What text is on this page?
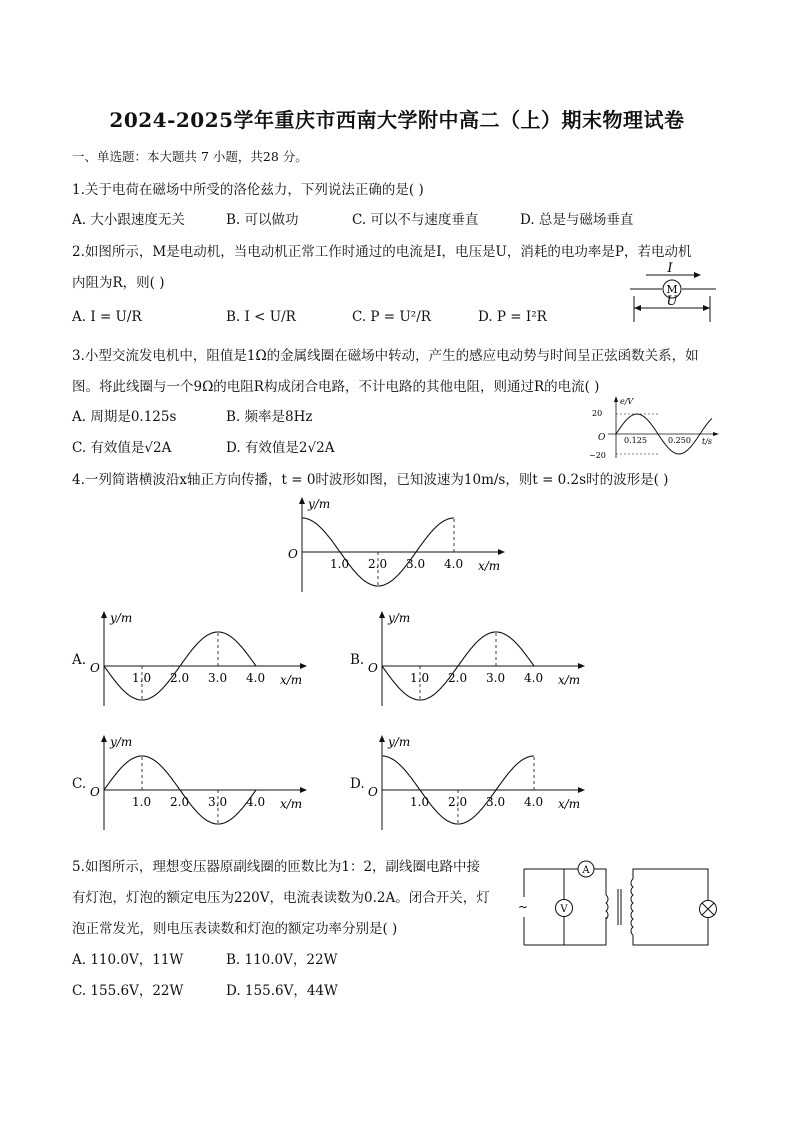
2024-2025学年重庆市西南大学附中高二（上）期末物理试卷
一、单选题：本大题共 7 小题，共28 分。
1.关于电荷在磁场中所受的洛伦兹力，下列说法正确的是( )
A. 大小跟速度无关	B. 可以做功	C. 可以不与速度垂直	D. 总是与磁场垂直
2.如图所示，M是电动机，当电动机正常工作时通过的电流是I，电压是U，消耗的电功率是P，若电动机
内阻为R，则( )
A. I = U/R	B. I < U/R	C. P = U²/R	D. P = I²R
I
M
U
3.小型交流发电机中，阻值是1Ω的金属线圈在磁场中转动，产生的感应电动势与时间呈正弦函数关系，如
图。将此线圈与一个9Ω的电阻R构成闭合电路，不计电路的其他电阻，则通过R的电流( )
A. 周期是0.125s	B. 频率是8Hz
C. 有效值是√2A	D. 有效值是2√2A
e/V
t/s
20
−20
O 0.125	0.250
4.一列简谐横波沿x轴正方向传播，t = 0时波形如图，已知波速为10m/s，则t = 0.2s时的波形是( )
y/m
x/m
O
1.0 2.0 3.0 4.0
A.
y/m
x/m
O
1.0 2.0 3.0 4.0
B.
y/m
x/m
O
1.0 2.0 3.0 4.0
C.
y/m
x/m
O
1.0 2.0 3.0 4.0
D.
y/m
x/m
O
1.0 2.0 3.0 4.0
5.如图所示，理想变压器原副线圈的匝数比为1：2，副线圈电路中接
有灯泡，灯泡的额定电压为220V，电流表读数为0.2A。闭合开关，灯
泡正常发光，则电压表读数和灯泡的额定功率分别是( )
A. 110.0V，11W	B. 110.0V，22W
C. 155.6V，22W	D. 155.6V，44W
~
A
V
